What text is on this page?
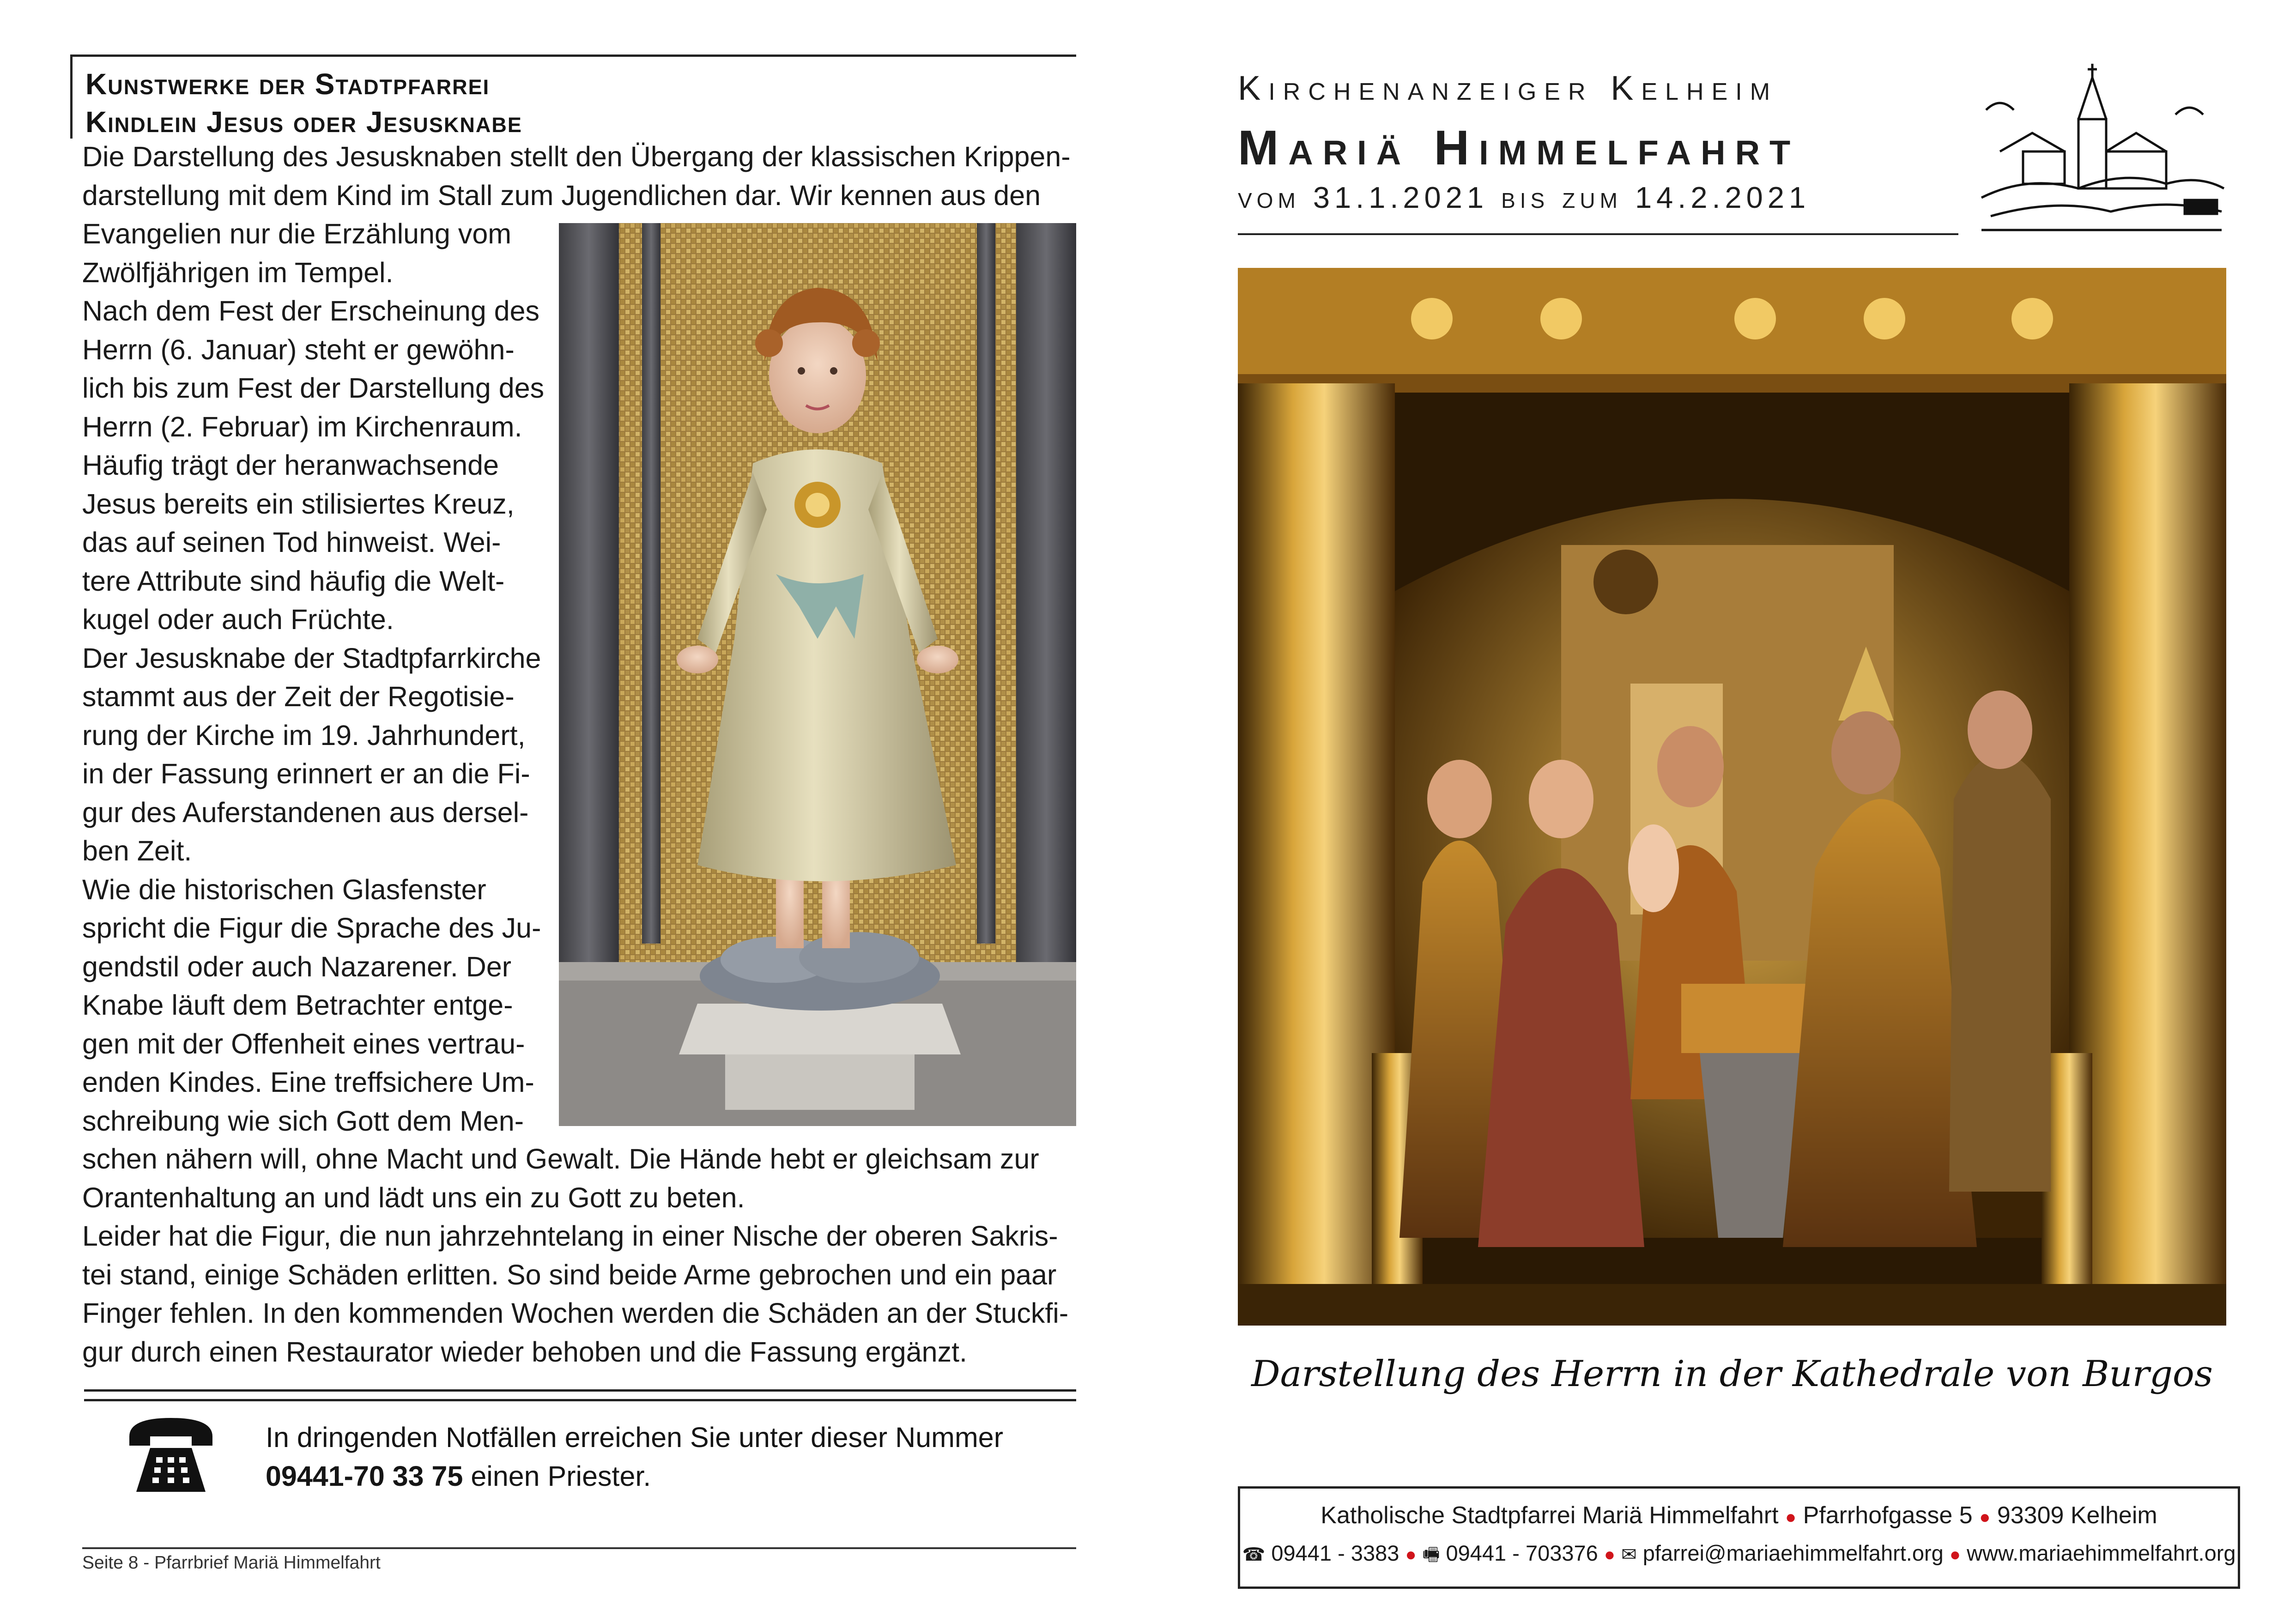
Kunstwerke der Stadtpfarrei
Kindlein Jesus oder Jesusknabe

Die Darstellung des Jesusknaben stellt den Übergang der klassischen Krippen-

darstellung mit dem Kind im Stall zum Jugendlichen dar. Wir kennen aus den

Evangelien nur die Erzählung vom

Zwölfjährigen im Tempel.

Nach dem Fest der Erscheinung des

Herrn (6. Januar) steht er gewöhn-

lich bis zum Fest der Darstellung des

Herrn (2. Februar) im Kirchenraum.

Häufig trägt der heranwachsende

Jesus bereits ein stilisiertes Kreuz,

das auf seinen Tod hinweist. Wei-

tere Attribute sind häufig die Welt-

kugel oder auch Früchte.

Der Jesusknabe der Stadtpfarrkirche

stammt aus der Zeit der Regotisie-

rung der Kirche im 19. Jahrhundert,

in der Fassung erinnert er an die Fi-

gur des Auferstandenen aus dersel-

ben Zeit.

Wie die historischen Glasfenster

spricht die Figur die Sprache des Ju-

gendstil oder auch Nazarener. Der

Knabe läuft dem Betrachter entge-

gen mit der Offenheit eines vertrau-

enden Kindes. Eine treffsichere Um-

schreibung wie sich Gott dem Men-

schen nähern will, ohne Macht und Gewalt. Die Hände hebt er gleichsam zur

Orantenhaltung an und lädt uns ein zu Gott zu beten.

Leider hat die Figur, die nun jahrzehntelang in einer Nische der oberen Sakris-

tei stand, einige Schäden erlitten. So sind beide Arme gebrochen und ein paar

Finger fehlen. In den kommenden Wochen werden die Schäden an der Stuckfi-

gur durch einen Restaurator wieder behoben und die Fassung ergänzt.

In dringenden Notfällen erreichen Sie unter dieser Nummer
09441-70 33 75 einen Priester.
Seite 8 - Pfarrbrief Mariä Himmelfahrt
Kirchenanzeiger Kelheim
Mariä Himmelfahrt
vom 31.1.2021 bis zum 14.2.2021
Darstellung des Herrn in der Kathedrale von Burgos
Katholische Stadtpfarrei Mariä Himmelfahrt ● Pfarrhofgasse 5 ● 93309 Kelheim
☎ 09441 - 3383 ● 🖷 09441 - 703376 ● ✉ pfarrei@mariaehimmelfahrt.org ● www.mariaehimmelfahrt.org
